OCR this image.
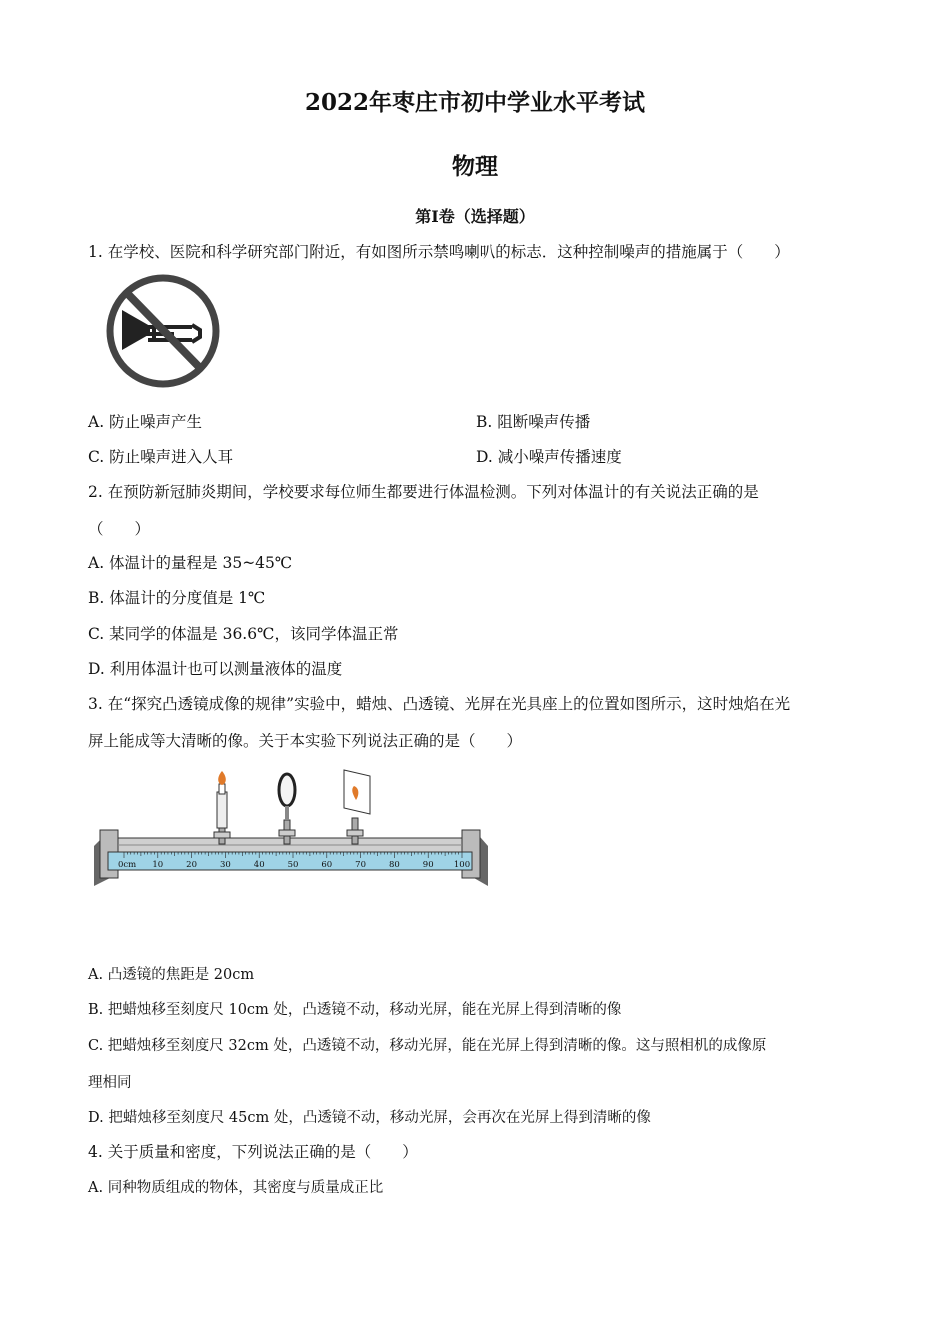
2022年枣庄市初中学业水平考试
物理
第I卷（选择题）
1. 在学校、医院和科学研究部门附近，有如图所示禁鸣喇叭的标志．这种控制噪声的措施属于（　　）
A. 防止噪声产生	B. 阻断噪声传播
C. 防止噪声进入人耳	D. 减小噪声传播速度
2. 在预防新冠肺炎期间，学校要求每位师生都要进行体温检测。下列对体温计的有关说法正确的是
（　　）
A. 体温计的量程是 35~45℃
B. 体温计的分度值是 1℃
C. 某同学的体温是 36.6℃，该同学体温正常
D. 利用体温计也可以测量液体的温度
3. 在“探究凸透镜成像的规律”实验中，蜡烛、凸透镜、光屏在光具座上的位置如图所示，这时烛焰在光
屏上能成等大清晰的像。关于本实验下列说法正确的是（　　）
0cm 10	20	30	40	50	60	70	80	90 100
A. 凸透镜的焦距是 20cm
B. 把蜡烛移至刻度尺 10cm 处，凸透镜不动，移动光屏，能在光屏上得到清晰的像
C. 把蜡烛移至刻度尺 32cm 处，凸透镜不动，移动光屏，能在光屏上得到清晰的像。这与照相机的成像原
理相同
D. 把蜡烛移至刻度尺 45cm 处，凸透镜不动，移动光屏，会再次在光屏上得到清晰的像
4. 关于质量和密度，下列说法正确的是（　　）
A. 同种物质组成的物体，其密度与质量成正比
